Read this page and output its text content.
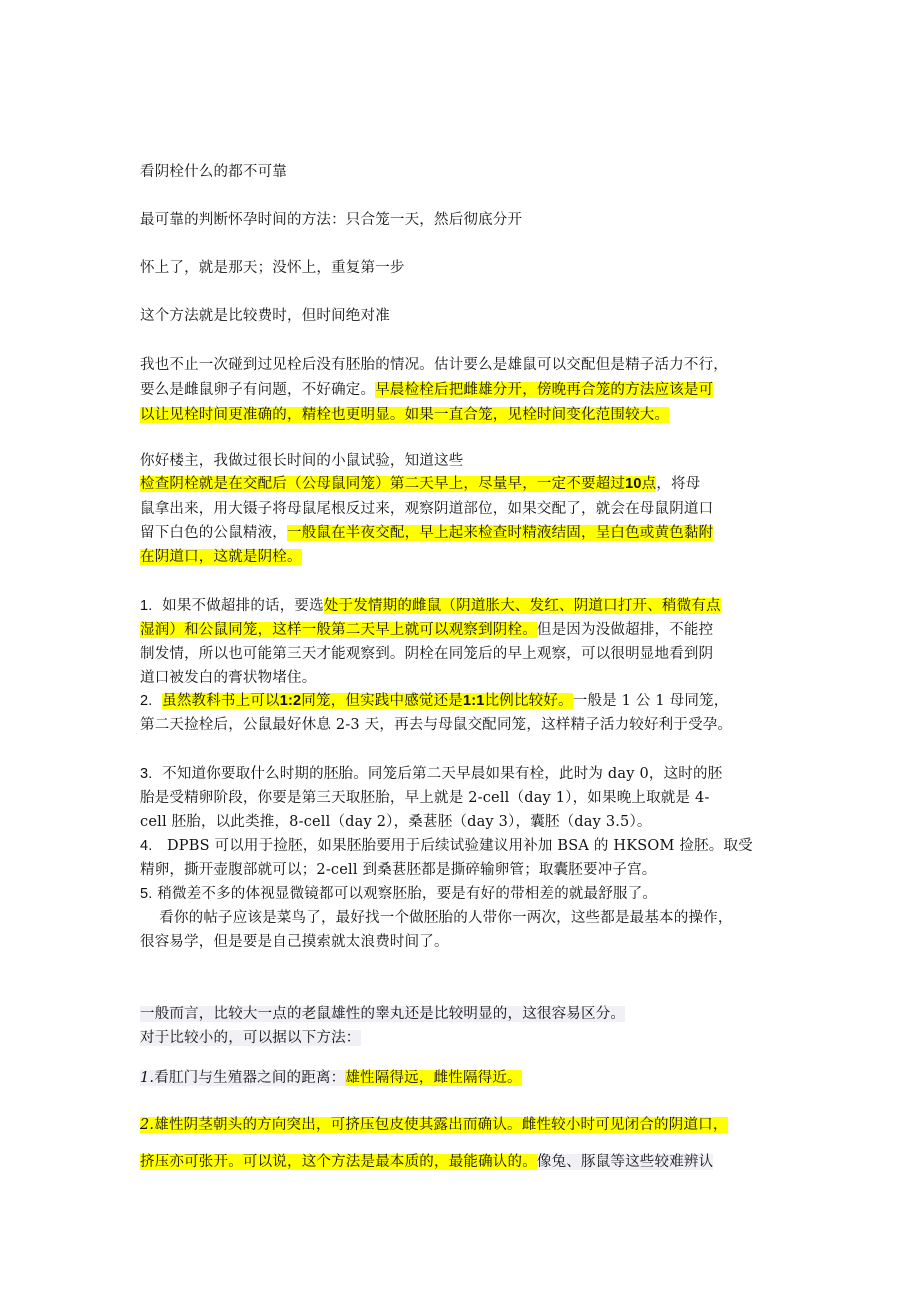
看阴栓什么的都不可靠
最可靠的判断怀孕时间的方法：只合笼一天，然后彻底分开
怀上了，就是那天；没怀上，重复第一步
这个方法就是比较费时，但时间绝对准
我也不止一次碰到过见栓后没有胚胎的情况。估计要么是雄鼠可以交配但是精子活力不行，
要么是雌鼠卵子有问题，不好确定。早晨检栓后把雌雄分开，傍晚再合笼的方法应该是可
以让见栓时间更准确的，精栓也更明显。如果一直合笼，见栓时间变化范围较大。
你好楼主，我做过很长时间的小鼠试验，知道这些
检查阴栓就是在交配后（公母鼠同笼）第二天早上，尽量早，一定不要超过10点，将母
鼠拿出来，用大镊子将母鼠尾根反过来，观察阴道部位，如果交配了，就会在母鼠阴道口
留下白色的公鼠精液，一般鼠在半夜交配，早上起来检查时精液结固，呈白色或黄色黏附
在阴道口，这就是阴栓。
1. 如果不做超排的话，要选处于发情期的雌鼠（阴道胀大、发红、阴道口打开、稍微有点
湿润）和公鼠同笼，这样一般第二天早上就可以观察到阴栓。但是因为没做超排，不能控
制发情，所以也可能第三天才能观察到。阴栓在同笼后的早上观察，可以很明显地看到阴
道口被发白的膏状物堵住。
2. 虽然教科书上可以1:2同笼，但实践中感觉还是1:1比例比较好。一般是 1 公 1 母同笼，
第二天捡栓后，公鼠最好休息 2-3 天，再去与母鼠交配同笼，这样精子活力较好利于受孕。
3. 不知道你要取什么时期的胚胎。同笼后第二天早晨如果有栓，此时为 day 0，这时的胚
胎是受精卵阶段，你要是第三天取胚胎，早上就是 2-cell（day 1），如果晚上取就是 4-
cell 胚胎，以此类推，8-cell（day 2），桑葚胚（day 3），囊胚（day 3.5）。
4. DPBS 可以用于捡胚，如果胚胎要用于后续试验建议用补加 BSA 的 HKSOM 捡胚。取受
精卵，撕开壶腹部就可以；2-cell 到桑葚胚都是撕碎输卵管；取囊胚要冲子宫。
5. 稍微差不多的体视显微镜都可以观察胚胎，要是有好的带相差的就最舒服了。
看你的帖子应该是菜鸟了，最好找一个做胚胎的人带你一两次，这些都是最基本的操作，
很容易学，但是要是自己摸索就太浪费时间了。
一般而言，比较大一点的老鼠雄性的睾丸还是比较明显的，这很容易区分。
对于比较小的，可以据以下方法：
1.看肛门与生殖器之间的距离：雄性隔得远，雌性隔得近。
2.雄性阴茎朝头的方向突出，可挤压包皮使其露出而确认。雌性较小时可见闭合的阴道口，
挤压亦可张开。可以说，这个方法是最本质的，最能确认的。像兔、豚鼠等这些较难辨认
